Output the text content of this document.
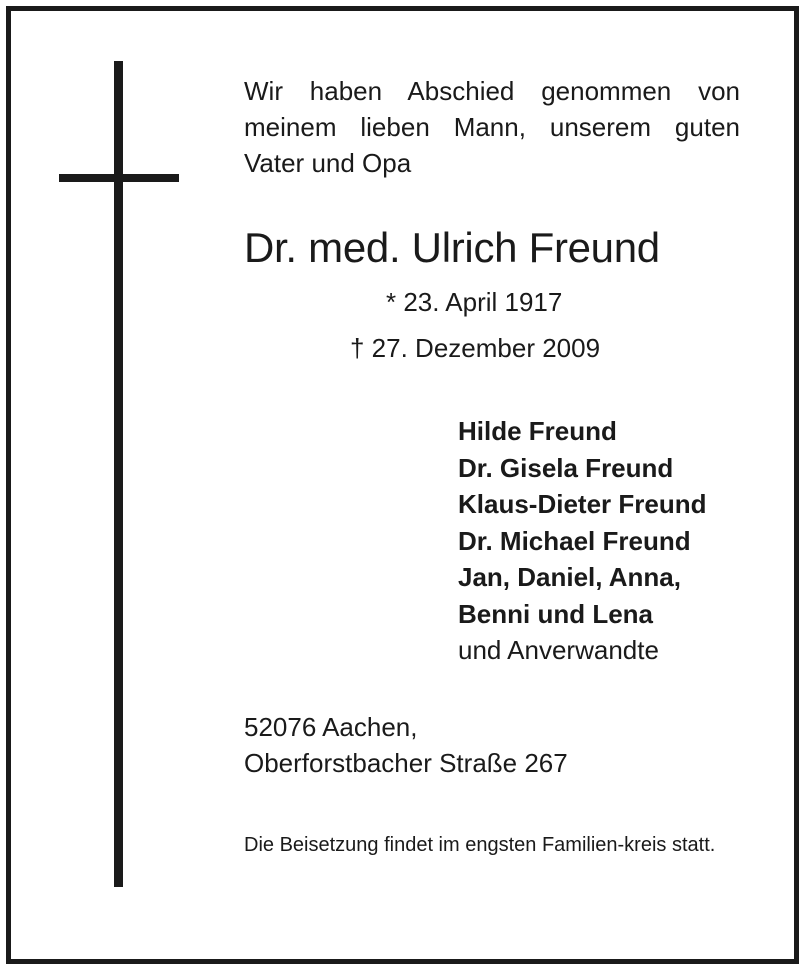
Wir haben Abschied genommen von meinem lieben Mann, unserem guten Vater und Opa

Dr. med. Ulrich Freund

* 23. April 1917

† 27. Dezember 2009

Hilde Freund
Dr. Gisela Freund
Klaus-Dieter Freund
Dr. Michael Freund
Jan, Daniel, Anna,
Benni und Lena
und Anverwandte

52076 Aachen,
Oberforstbacher Straße 267

Die Beisetzung findet im engsten Familien-kreis statt.
